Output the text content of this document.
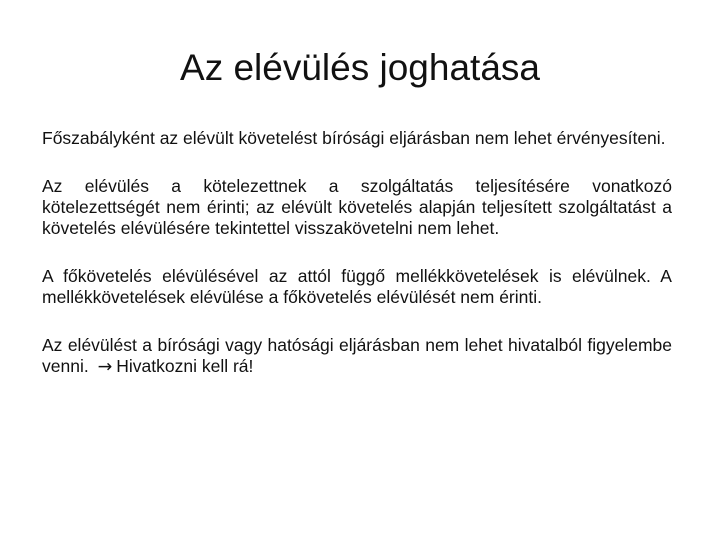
Az elévülés joghatása

Főszabályként az elévült követelést bírósági eljárásban nem lehet érvényesíteni.

Az elévülés a kötelezettnek a szolgáltatás teljesítésére vonatkozó kötelezettségét nem érinti; az elévült követelés alapján teljesített szolgáltatást a követelés elévülésére tekintettel visszakövetelni nem lehet.

A főkövetelés elévülésével az attól függő mellékkövetelések is elévülnek. A mellékkövetelések elévülése a főkövetelés elévülését nem érinti.

Az elévülést a bírósági vagy hatósági eljárásban nem lehet hivatalból figyelembe venni. → Hivatkozni kell rá!
